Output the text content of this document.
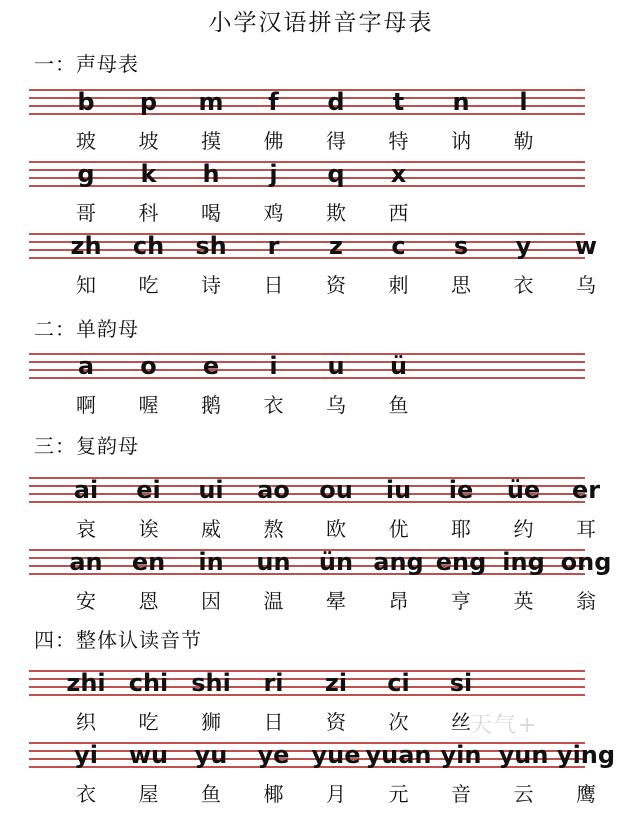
小学汉语拼音字母表
一：声母表
b p m f d t n l
玻 坡 摸 佛 得 特 讷 勒
g k h j q x
哥 科 喝 鸡 欺 西
zh ch sh r z c s y w
知 吃 诗 日 资 刺 思 衣 乌
二：单韵母
a o e i u ü
啊 喔 鹅 衣 乌 鱼
三：复韵母
ai ei ui ao ou iu ie üe er
哀 诶 威 熬 欧 优 耶 约 耳
an en in un ün ang eng ing ong
安 恩 因 温 晕 昂 亨 英 翁
四：整体认读音节
zhi chi shi ri zi ci si
织 吃 狮 日 资 次 丝
yi wu yu ye yue yuan yin yun ying
衣 屋 鱼 椰 月 元 音 云 鹰
天气+
